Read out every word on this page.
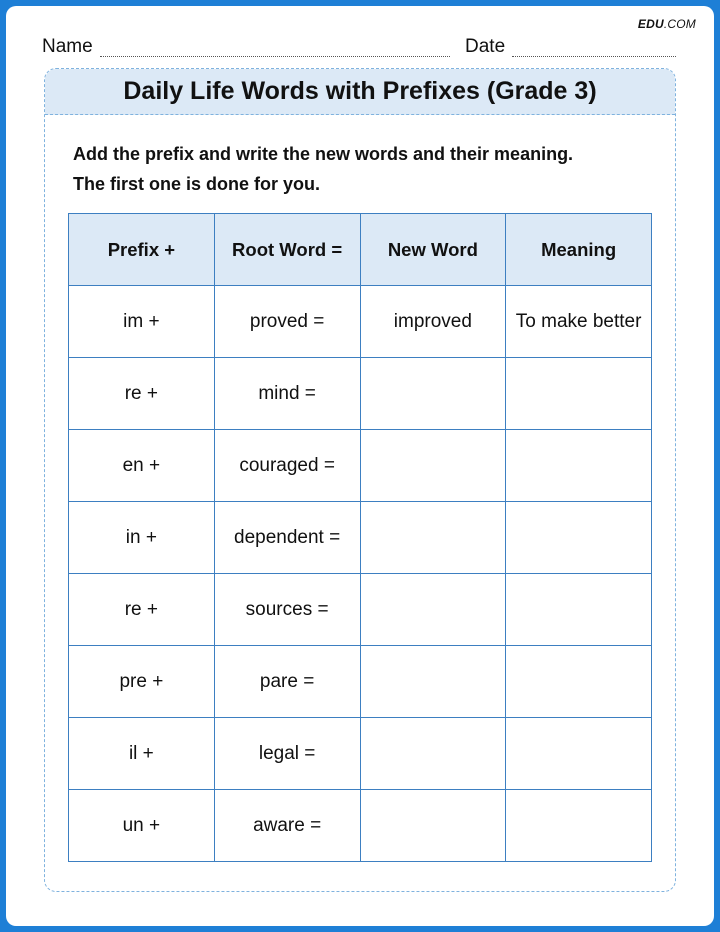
EDU.COM
Name	Date
Daily Life Words with Prefixes (Grade 3)
Add the prefix and write the new words and their meaning.
The first one is done for you.
Prefix +	Root Word =	New Word	Meaning
im +	proved =	improved	To make better
re +	mind =		
en +	couraged =		
in +	dependent =		
re +	sources =		
pre +	pare =		
il +	legal =		
un +	aware =		
